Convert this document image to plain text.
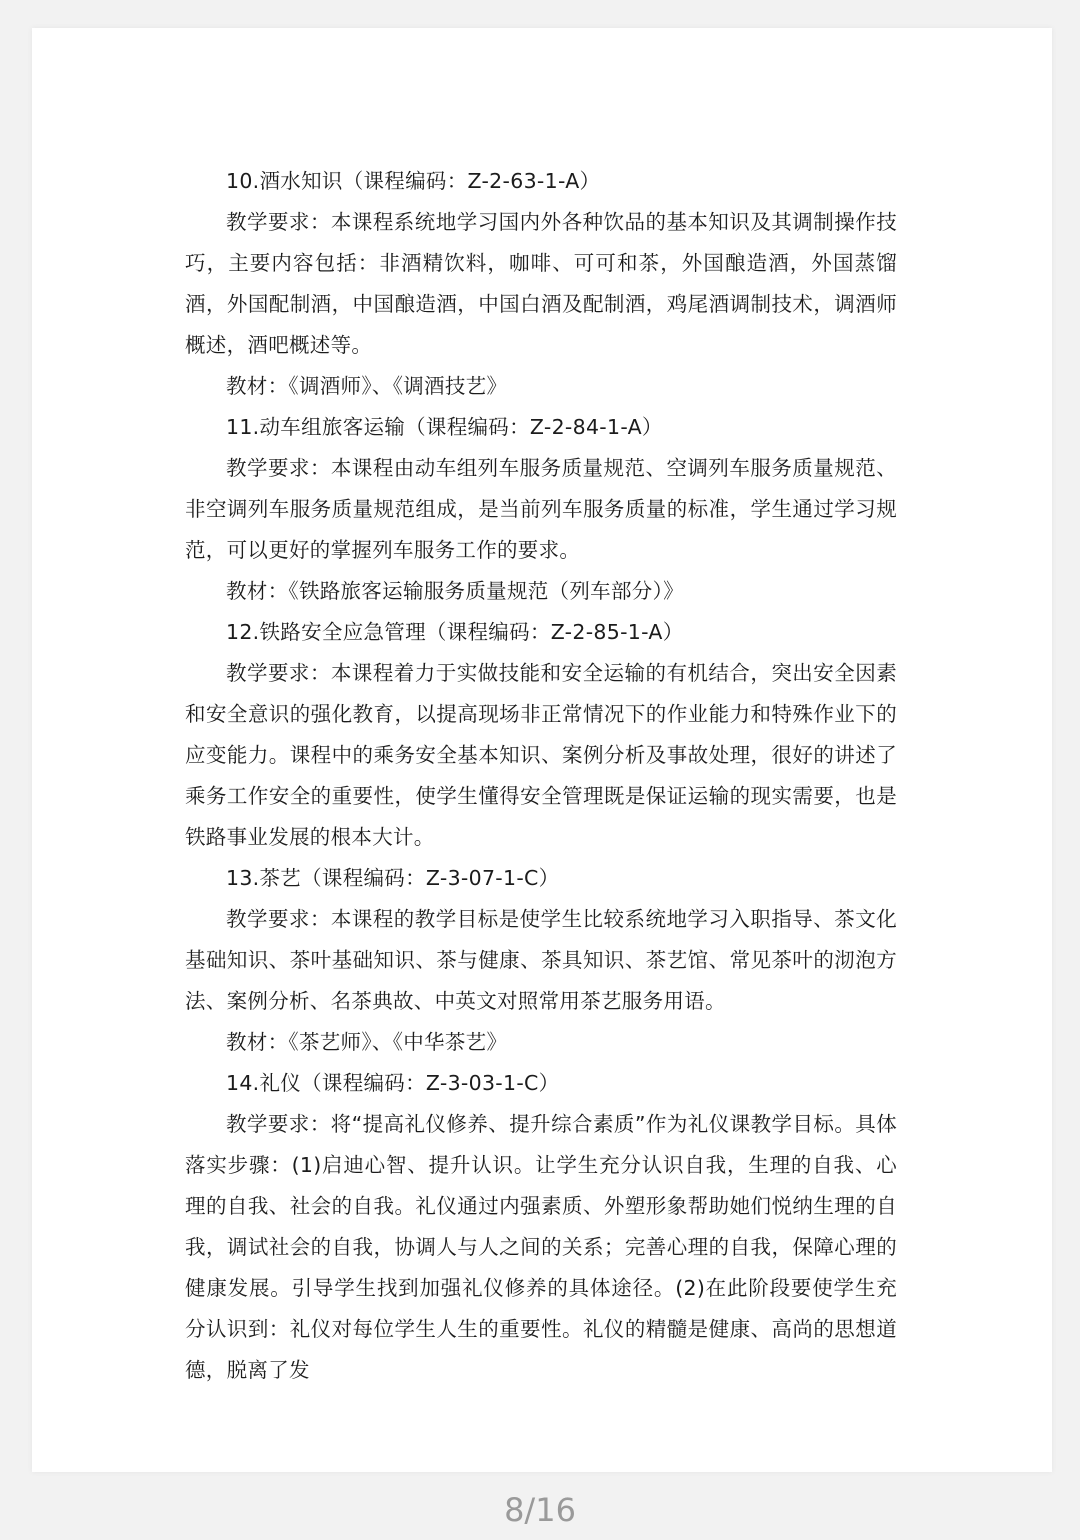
10.酒水知识（课程编码：Z-2-63-1-A）

教学要求：本课程系统地学习国内外各种饮品的基本知识及其调制操作技巧，主要内容包括：非酒精饮料，咖啡、可可和茶，外国酿造酒，外国蒸馏酒，外国配制酒，中国酿造酒，中国白酒及配制酒，鸡尾酒调制技术，调酒师概述，酒吧概述等。

教材：《调酒师》、《调酒技艺》

11.动车组旅客运输（课程编码：Z-2-84-1-A）

教学要求：本课程由动车组列车服务质量规范、空调列车服务质量规范、非空调列车服务质量规范组成，是当前列车服务质量的标准，学生通过学习规范，可以更好的掌握列车服务工作的要求。

教材：《铁路旅客运输服务质量规范（列车部分）》

12.铁路安全应急管理（课程编码：Z-2-85-1-A）

教学要求：本课程着力于实做技能和安全运输的有机结合，突出安全因素和安全意识的强化教育，以提高现场非正常情况下的作业能力和特殊作业下的应变能力。课程中的乘务安全基本知识、案例分析及事故处理，很好的讲述了乘务工作安全的重要性，使学生懂得安全管理既是保证运输的现实需要，也是铁路事业发展的根本大计。

13.茶艺（课程编码：Z-3-07-1-C）

教学要求：本课程的教学目标是使学生比较系统地学习入职指导、茶文化基础知识、茶叶基础知识、茶与健康、茶具知识、茶艺馆、常见茶叶的沏泡方法、案例分析、名茶典故、中英文对照常用茶艺服务用语。

教材：《茶艺师》、《中华茶艺》

14.礼仪（课程编码：Z-3-03-1-C）

教学要求：将“提高礼仪修养、提升综合素质”作为礼仪课教学目标。具体落实步骤：(1)启迪心智、提升认识。让学生充分认识自我，生理的自我、心理的自我、社会的自我。礼仪通过内强素质、外塑形象帮助她们悦纳生理的自我，调试社会的自我，协调人与人之间的关系；完善心理的自我，保障心理的健康发展。引导学生找到加强礼仪修养的具体途径。(2)在此阶段要使学生充分认识到：礼仪对每位学生人生的重要性。礼仪的精髓是健康、高尚的思想道德，脱离了发

8/16
